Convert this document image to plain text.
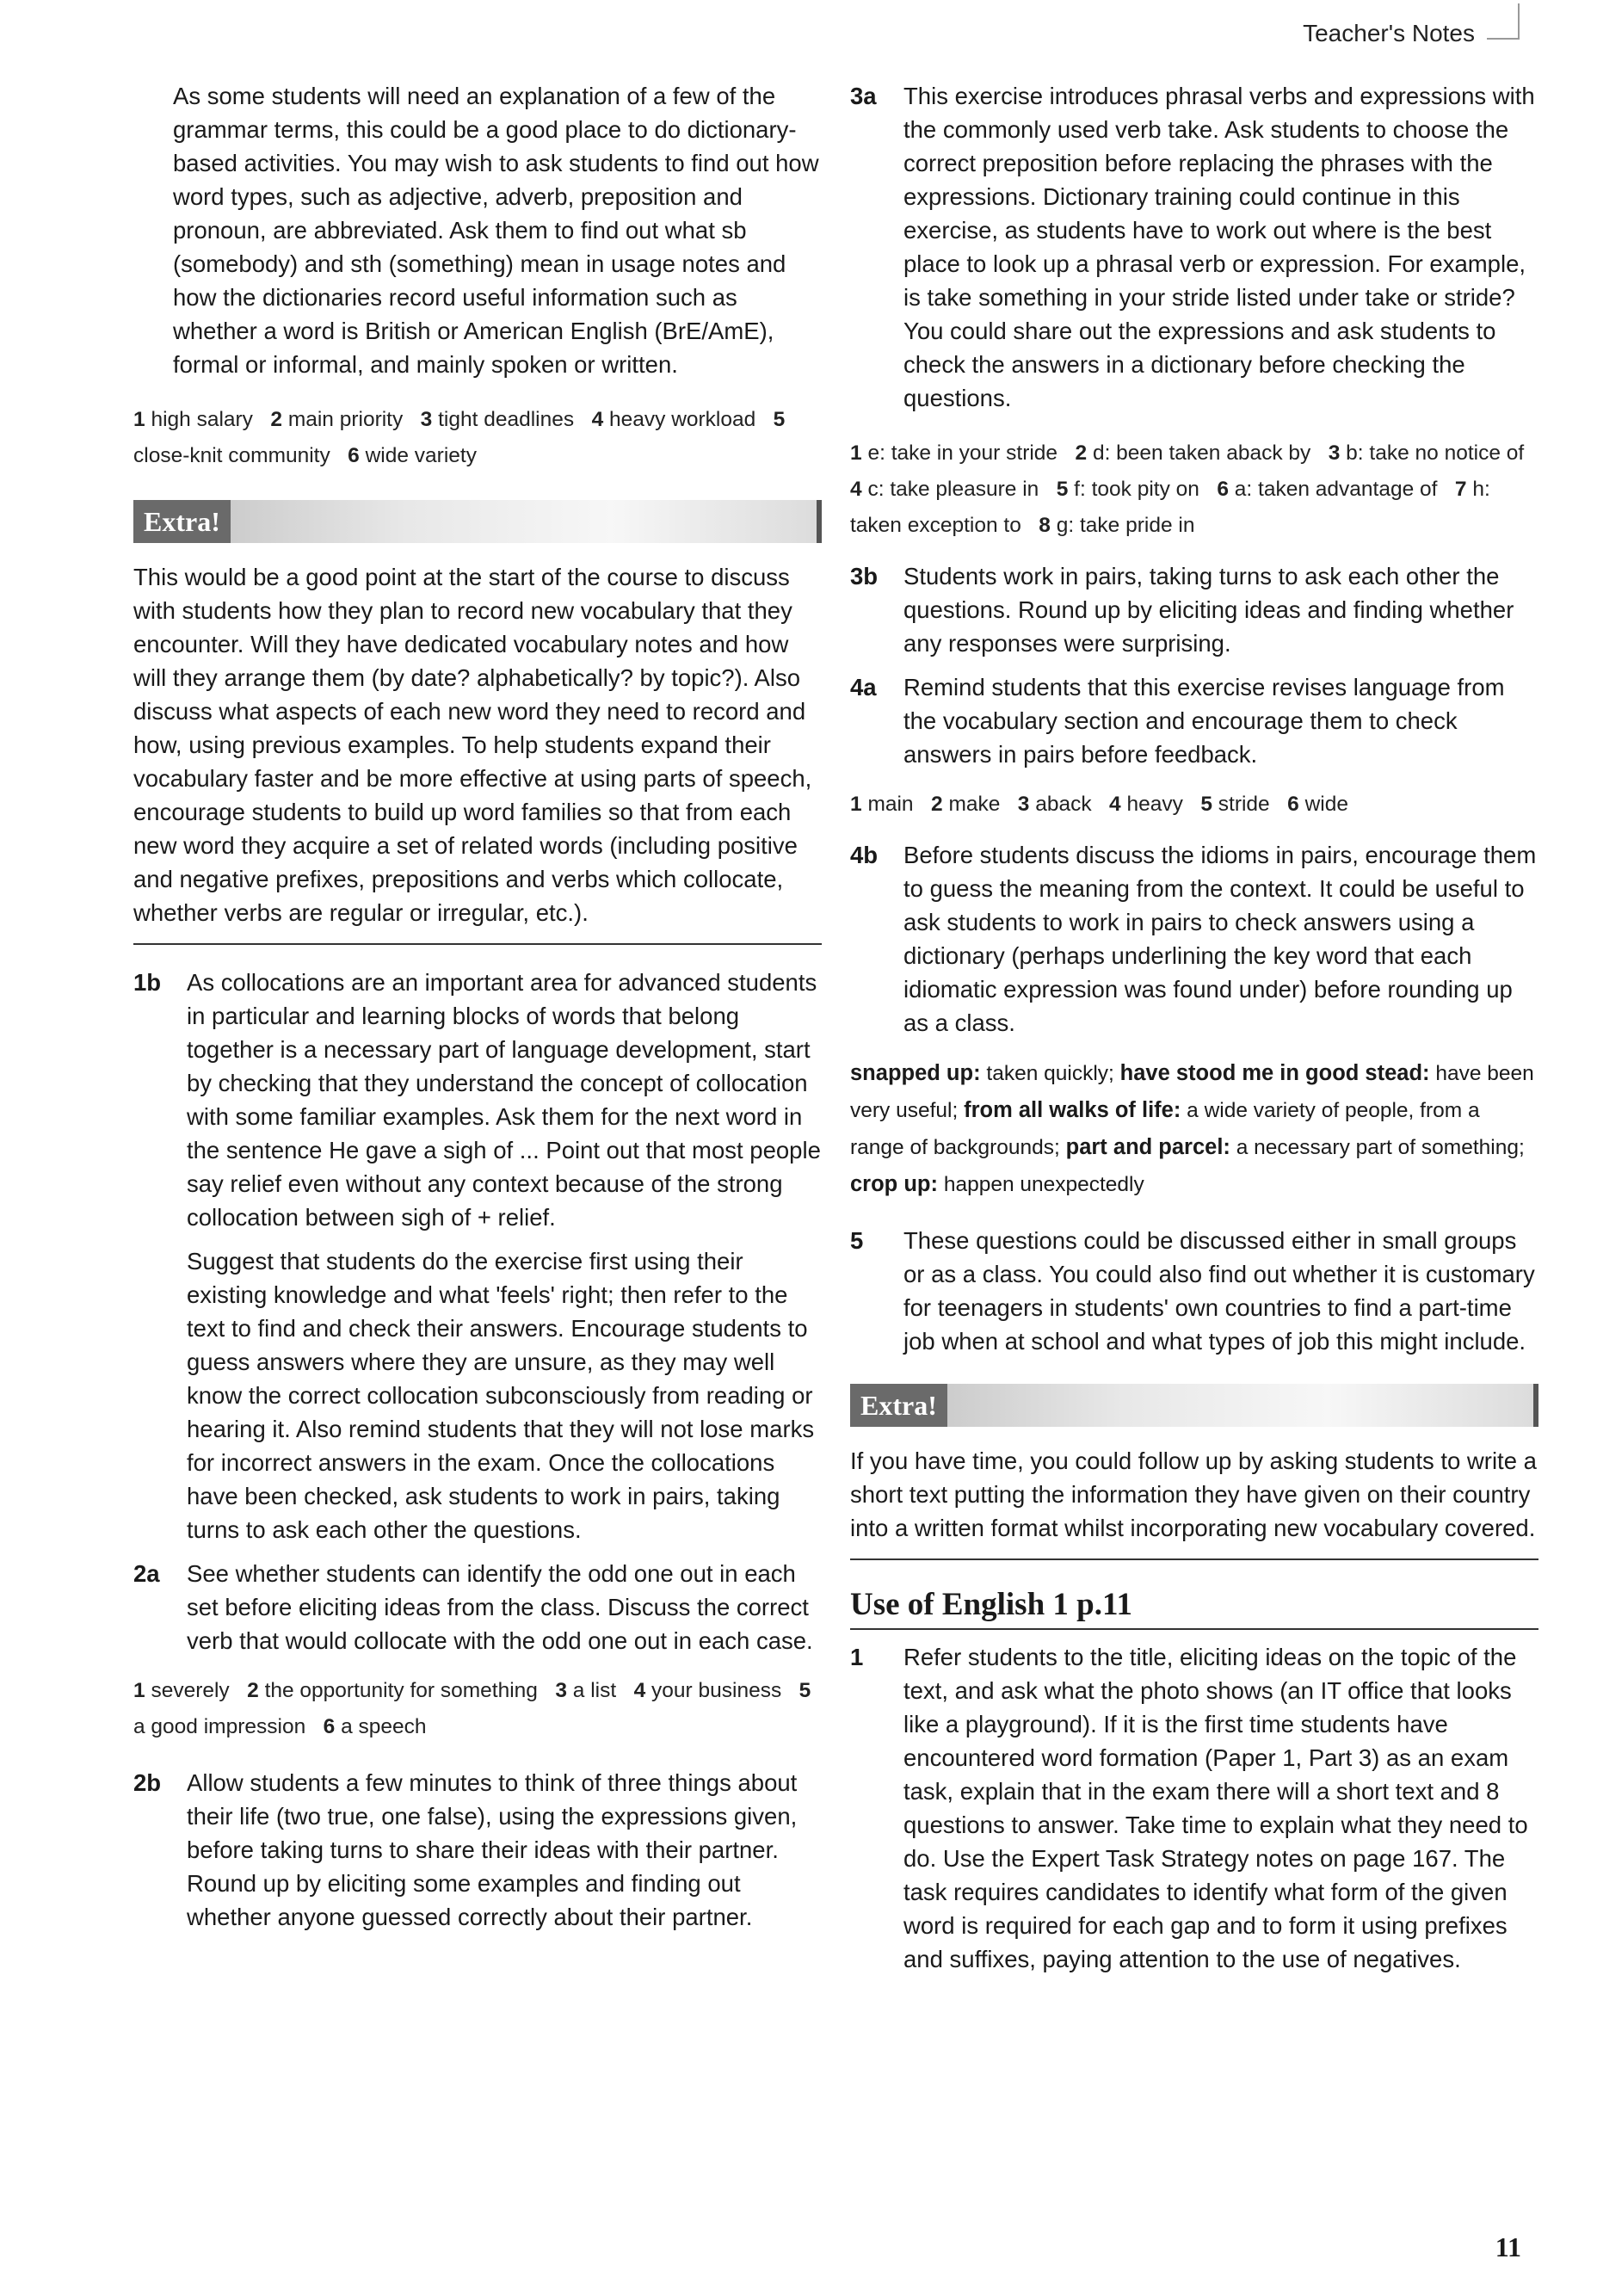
Teacher's Notes

As some students will need an explanation of a few of the grammar terms, this could be a good place to do dictionary-based activities. You may wish to ask students to find out how word types, such as adjective, adverb, preposition and pronoun, are abbreviated. Ask them to find out what sb (somebody) and sth (something) mean in usage notes and how the dictionaries record useful information such as whether a word is British or American English (BrE/AmE), formal or informal, and mainly spoken or written.

1 high salary 2 main priority 3 tight deadlines 4 heavy workload 5 close-knit community 6 wide variety
Extra!

This would be a good point at the start of the course to discuss with students how they plan to record new vocabulary that they encounter. Will they have dedicated vocabulary notes and how will they arrange them (by date? alphabetically? by topic?). Also discuss what aspects of each new word they need to record and how, using previous examples. To help students expand their vocabulary faster and be more effective at using parts of speech, encourage students to build up word families so that from each new word they acquire a set of related words (including positive and negative prefixes, prepositions and verbs which collocate, whether verbs are regular or irregular, etc.).

1b	As collocations are an important area for advanced students in particular and learning blocks of words that belong together is a necessary part of language development, start by checking that they understand the concept of collocation with some familiar examples. Ask them for the next word in the sentence He gave a sigh of ... Point out that most people say relief even without any context because of the strong collocation between sigh of + relief.

Suggest that students do the exercise first using their existing knowledge and what 'feels' right; then refer to the text to find and check their answers. Encourage students to guess answers where they are unsure, as they may well know the correct collocation subconsciously from reading or hearing it. Also remind students that they will not lose marks for incorrect answers in the exam. Once the collocations have been checked, ask students to work in pairs, taking turns to ask each other the questions.

2a	See whether students can identify the odd one out in each set before eliciting ideas from the class. Discuss the correct verb that would collocate with the odd one out in each case.

1 severely 2 the opportunity for something 3 a list 4 your business 5 a good impression 6 a speech
2b	Allow students a few minutes to think of three things about their life (two true, one false), using the expressions given, before taking turns to share their ideas with their partner. Round up by eliciting some examples and finding out whether anyone guessed correctly about their partner.

3a	This exercise introduces phrasal verbs and expressions with the commonly used verb take. Ask students to choose the correct preposition before replacing the phrases with the expressions. Dictionary training could continue in this exercise, as students have to work out where is the best place to look up a phrasal verb or expression. For example, is take something in your stride listed under take or stride? You could share out the expressions and ask students to check the answers in a dictionary before checking the questions.

1 e: take in your stride 2 d: been taken aback by 3 b: take no notice of   4 c: take pleasure in 5 f: took pity on 6 a: taken advantage of 7 h: taken exception to 8 g: take pride in
3b	Students work in pairs, taking turns to ask each other the questions. Round up by eliciting ideas and finding whether any responses were surprising.

4a	Remind students that this exercise revises language from the vocabulary section and encourage them to check answers in pairs before feedback.

1 main 2 make 3 aback 4 heavy 5 stride 6 wide
4b	Before students discuss the idioms in pairs, encourage them to guess the meaning from the context. It could be useful to ask students to work in pairs to check answers using a dictionary (perhaps underlining the key word that each idiomatic expression was found under) before rounding up as a class.

snapped up: taken quickly; have stood me in good stead: have been very useful; from all walks of life: a wide variety of people, from a range of backgrounds; part and parcel: a necessary part of something; crop up: happen unexpectedly
5	These questions could be discussed either in small groups or as a class. You could also find out whether it is customary for teenagers in students' own countries to find a part-time job when at school and what types of job this might include.

Extra!

If you have time, you could follow up by asking students to write a short text putting the information they have given on their country into a written format whilst incorporating new vocabulary covered.

Use of English 1 p.11
1	Refer students to the title, eliciting ideas on the topic of the text, and ask what the photo shows (an IT office that looks like a playground). If it is the first time students have encountered word formation (Paper 1, Part 3) as an exam task, explain that in the exam there will a short text and 8 questions to answer. Take time to explain what they need to do. Use the Expert Task Strategy notes on page 167. The task requires candidates to identify what form of the given word is required for each gap and to form it using prefixes and suffixes, paying attention to the use of negatives.

11
